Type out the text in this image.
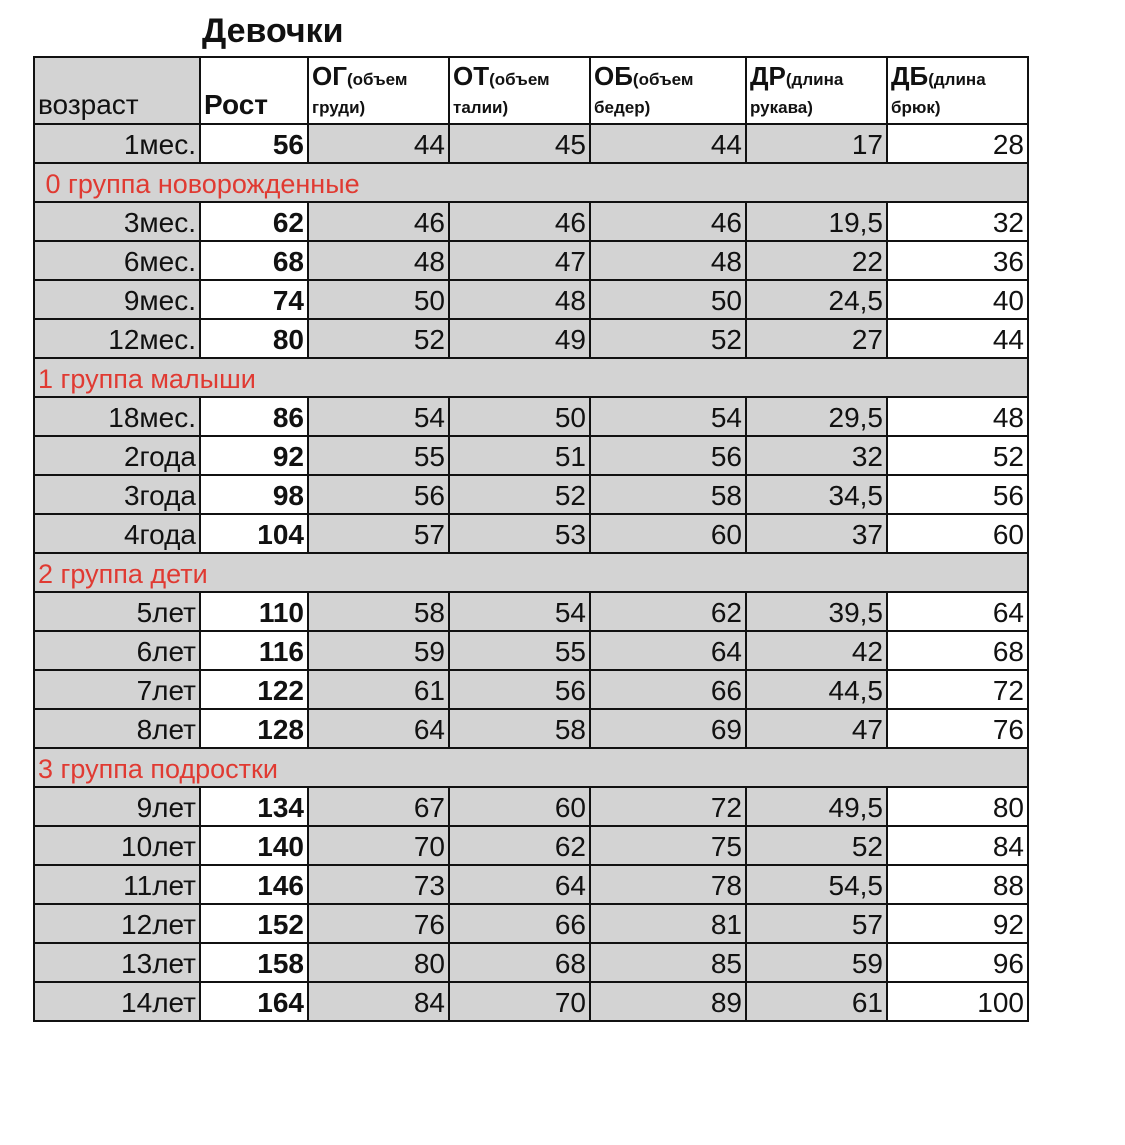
Девочки
возраст	Рост	ОГ(объем груди)	ОТ(объем талии)	ОБ(объем бедер)	ДР(длина рукава)	ДБ(длина брюк)
1мес.	56	44	45	44	17	28

0 группа новорожденные						

3мес.	62	46	46	46	19,5	32
6мес.	68	48	47	48	22	36
9мес.	74	50	48	50	24,5	40
12мес.	80	52	49	52	27	44

1 группа малыши						

18мес.	86	54	50	54	29,5	48
2года	92	55	51	56	32	52
3года	98	56	52	58	34,5	56
4года	104	57	53	60	37	60

2 группа дети						

5лет	110	58	54	62	39,5	64
6лет	116	59	55	64	42	68
7лет	122	61	56	66	44,5	72
8лет	128	64	58	69	47	76

3 группа подростки						

9лет	134	67	60	72	49,5	80
10лет	140	70	62	75	52	84
11лет	146	73	64	78	54,5	88
12лет	152	76	66	81	57	92
13лет	158	80	68	85	59	96
14лет	164	84	70	89	61	100
